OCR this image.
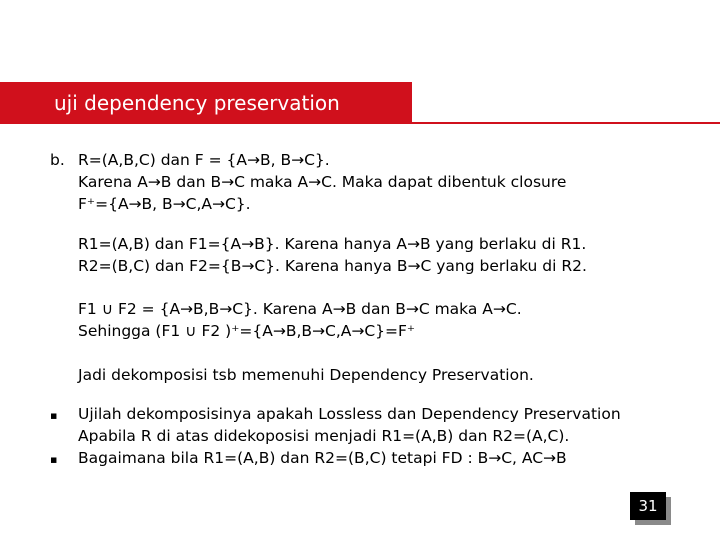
uji dependency preservation
b. R=(A,B,C) dan F = {A→B, B→C}.
Karena A→B dan B→C maka A→C. Maka dapat dibentuk closure
F⁺={A→B, B→C,A→C}.
R1=(A,B) dan F1={A→B}. Karena hanya A→B yang berlaku di R1.
R2=(B,C) dan F2={B→C}. Karena hanya B→C yang berlaku di R2.
F1 ∪ F2 = {A→B,B→C}. Karena A→B dan B→C maka A→C.
Sehingga (F1 ∪ F2 )⁺={A→B,B→C,A→C}=F⁺
Jadi dekomposisi tsb memenuhi Dependency Preservation.
▪ Ujilah dekomposisinya apakah Lossless dan Dependency Preservation
Apabila R di atas didekoposisi menjadi R1=(A,B) dan R2=(A,C).
▪ Bagaimana bila R1=(A,B) dan R2=(B,C) tetapi FD : B→C, AC→B
31
